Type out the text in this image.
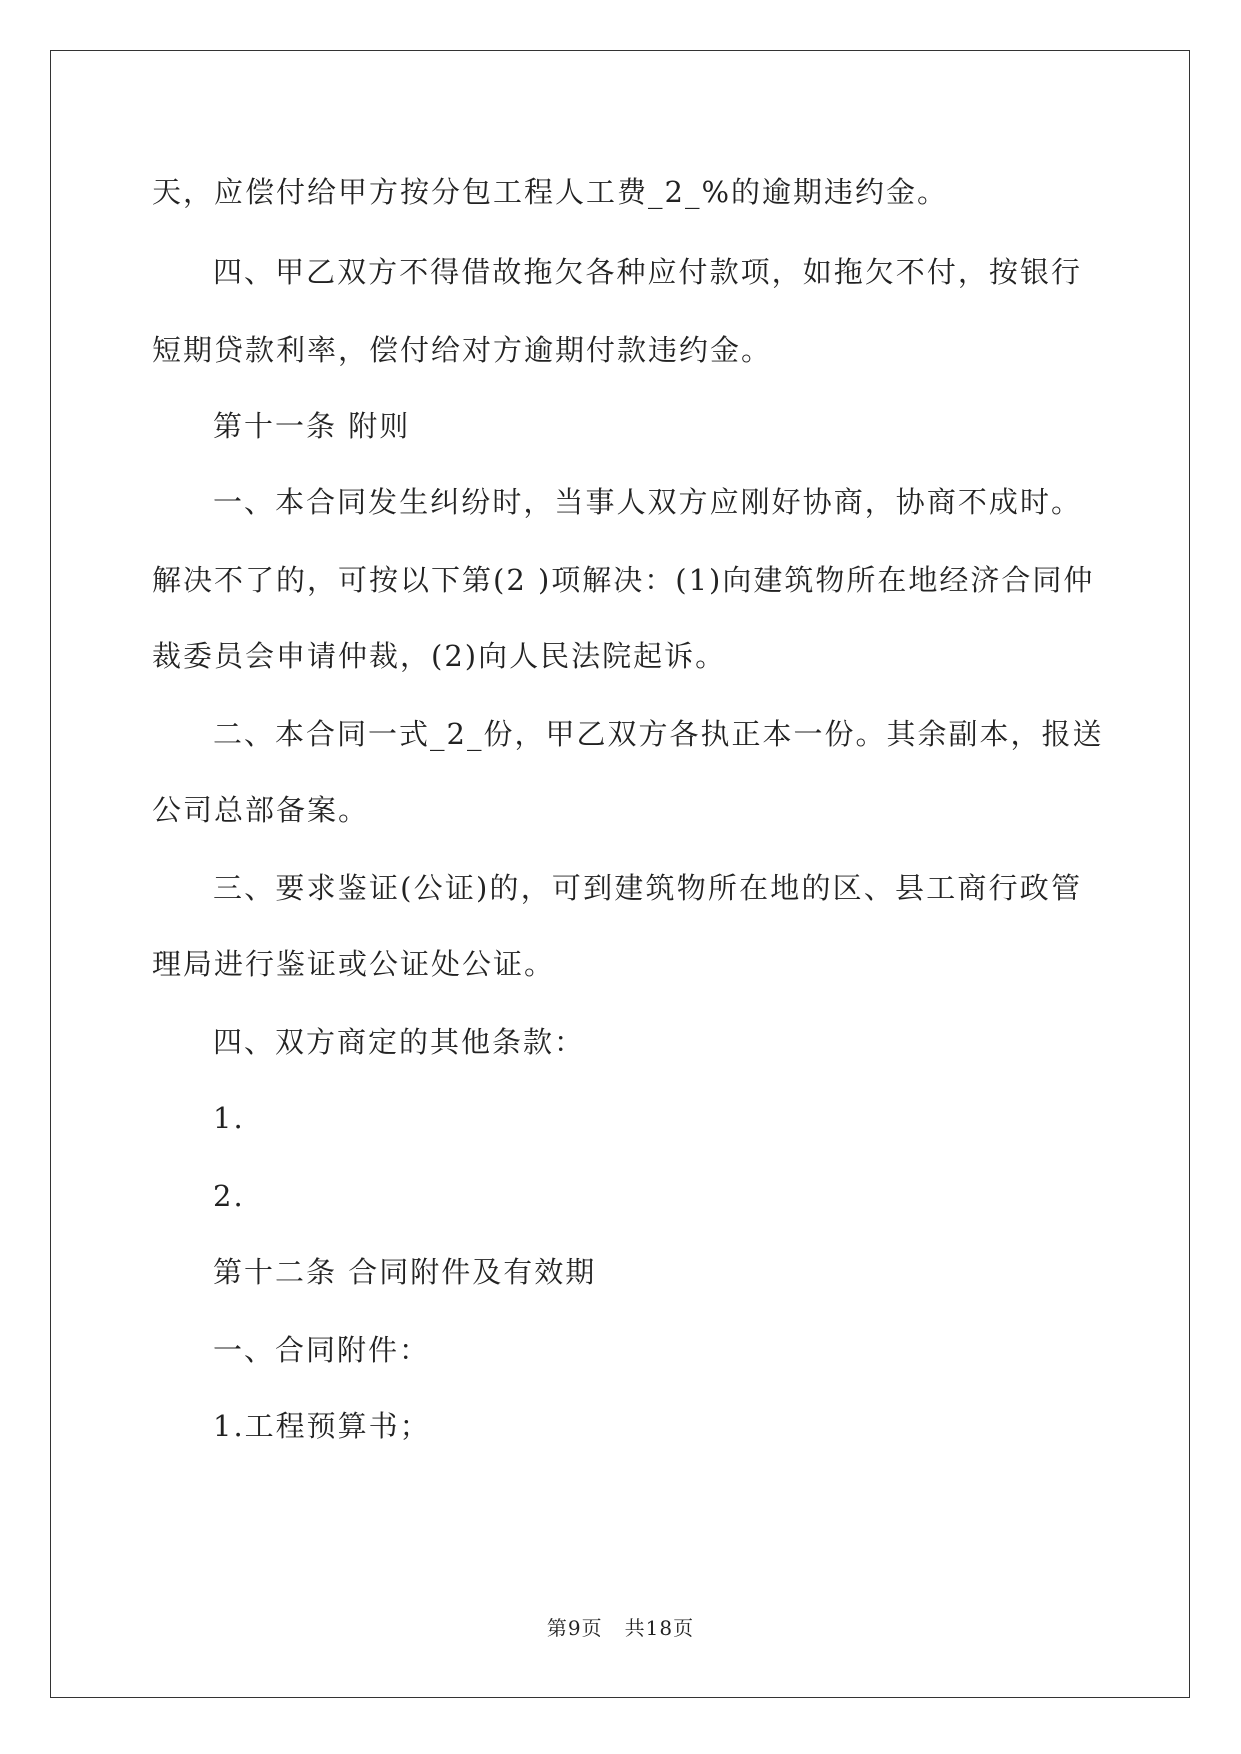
天，应偿付给甲方按分包工程人工费_2_%的逾期违约金。
四、甲乙双方不得借故拖欠各种应付款项，如拖欠不付，按银行
短期贷款利率，偿付给对方逾期付款违约金。
第十一条 附则
一、本合同发生纠纷时，当事人双方应刚好协商，协商不成时。
解决不了的，可按以下第(2 )项解决：(1)向建筑物所在地经济合同仲
裁委员会申请仲裁，(2)向人民法院起诉。
二、本合同一式_2_份，甲乙双方各执正本一份。其余副本，报送
公司总部备案。
三、要求鉴证(公证)的，可到建筑物所在地的区、县工商行政管
理局进行鉴证或公证处公证。
四、双方商定的其他条款：
1.
2.
第十二条 合同附件及有效期
一、合同附件：
1.工程预算书；
第9页 共18页
